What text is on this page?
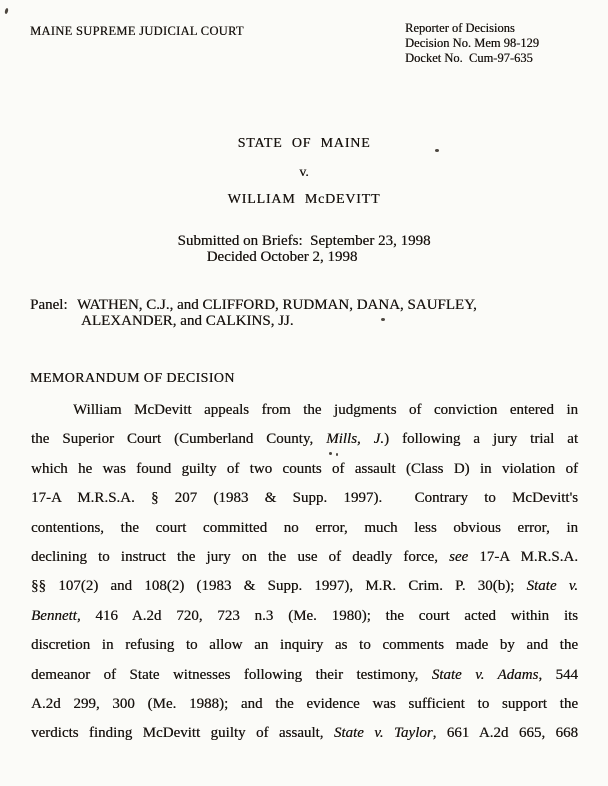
MAINE SUPREME JUDICIAL COURT	Reporter of Decisions
Decision No. Mem 98-129
Docket No.  Cum-97-635
STATE OF MAINE
v.
WILLIAM McDEVITT
Submitted on Briefs:  September 23, 1998
Decided October 2, 1998
Panel: WATHEN, C.J., and CLIFFORD, RUDMAN, DANA, SAUFLEY,
ALEXANDER, and CALKINS, JJ.
MEMORANDUM OF DECISION
William McDevitt appeals from the judgments of conviction entered in
the Superior Court (Cumberland County, Mills, J.) following a jury trial at
which he was found guilty of two counts of assault (Class D) in violation of
17-A M.R.S.A. § 207 (1983 & Supp. 1997).  Contrary to McDevitt's
contentions, the court committed no error, much less obvious error, in
declining to instruct the jury on the use of deadly force, see 17-A M.R.S.A.
§§ 107(2) and 108(2) (1983 & Supp. 1997), M.R. Crim. P. 30(b); State v.
Bennett, 416 A.2d 720, 723 n.3 (Me. 1980); the court acted within its
discretion in refusing to allow an inquiry as to comments made by and the
demeanor of State witnesses following their testimony, State v. Adams, 544
A.2d 299, 300 (Me. 1988); and the evidence was sufficient to support the
verdicts finding McDevitt guilty of assault, State v. Taylor, 661 A.2d 665, 668
